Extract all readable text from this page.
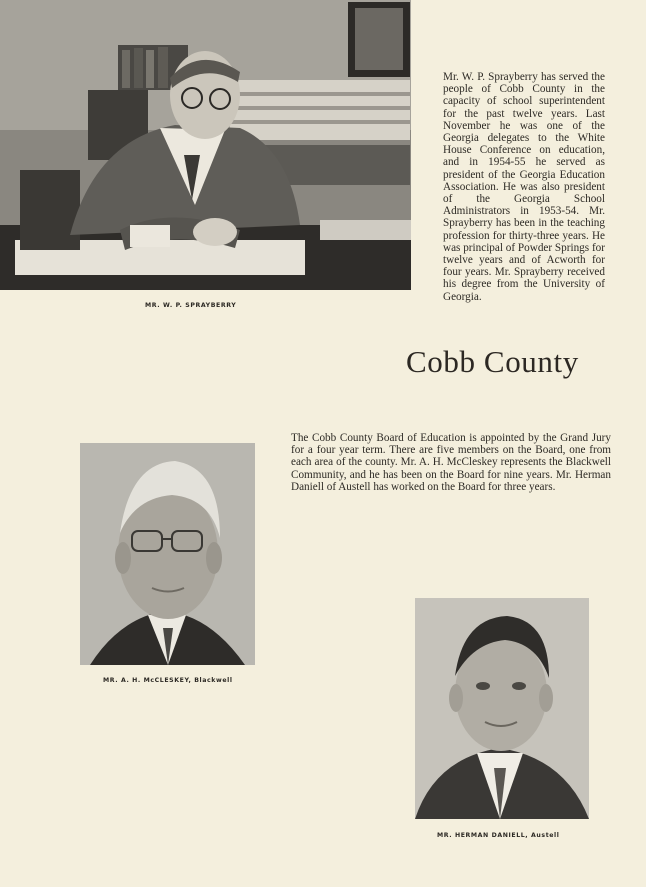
Mr. W. P. Sprayberry has served the people of Cobb County in the capacity of school superintendent for the past twelve years. Last November he was one of the Georgia delegates to the White House Conference on education, and in 1954-55 he served as president of the Georgia Education Association. He was also president of the Georgia School Administrators in 1953-54. Mr. Sprayberry has been in the teaching profession for thirty-three years. He was principal of Powder Springs for twelve years and of Acworth for four years. Mr. Sprayberry received his degree from the University of Georgia.

MR. W. P. SPRAYBERRY

Cobb County

The Cobb County Board of Education is appointed by the Grand Jury for a four year term. There are five members on the Board, one from each area of the county. Mr. A. H. McCleskey represents the Blackwell Community, and he has been on the Board for nine years. Mr. Herman Daniell of Austell has worked on the Board for three years.

MR. A. H. McCLESKEY, Blackwell

MR. HERMAN DANIELL, Austell
